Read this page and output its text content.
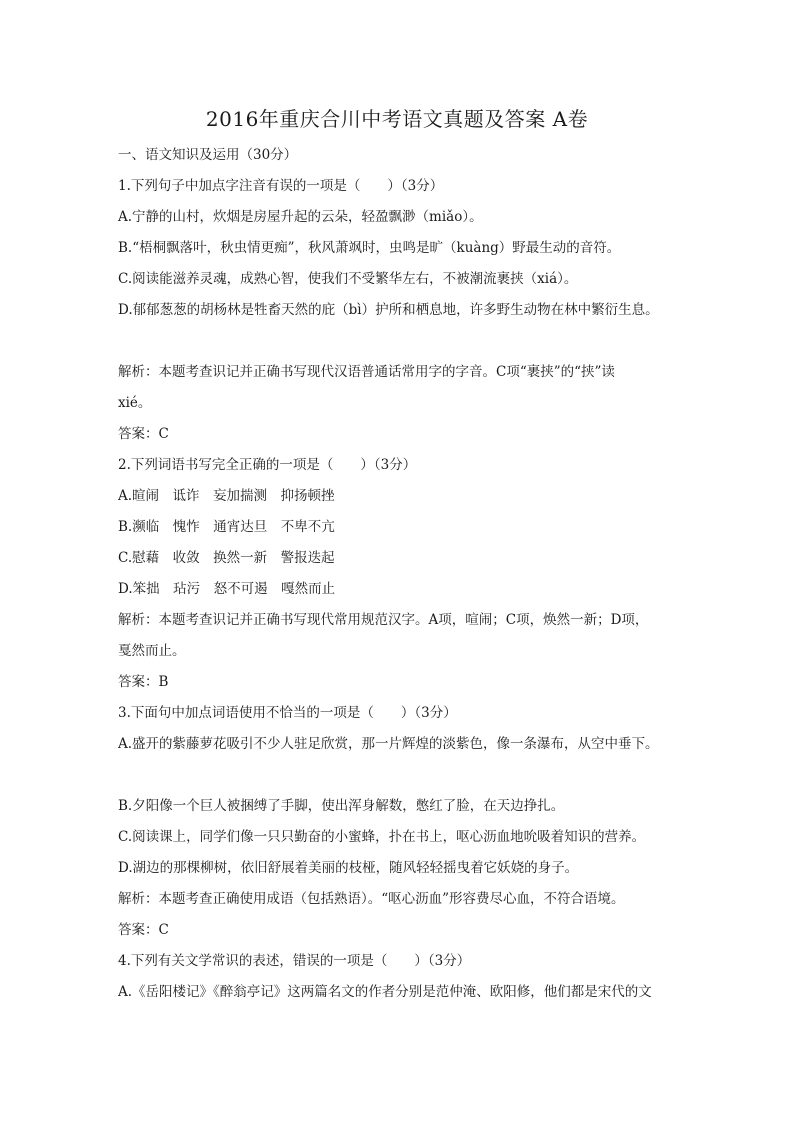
2016年重庆合川中考语文真题及答案 A卷
一、语文知识及运用（30分）
1.下列句子中加点字注音有误的一项是（　　）（3分）
A.宁静的山村，炊烟是房屋升起的云朵，轻盈飘渺（miǎo）。
B.“梧桐飘落叶，秋虫情更痴”，秋风萧飒时，虫鸣是旷（kuàng）野最生动的音符。
C.阅读能滋养灵魂，成熟心智，使我们不受繁华左右，不被潮流裹挟（xiá）。
D.郁郁葱葱的胡杨林是牲畜天然的庇（bì）护所和栖息地，许多野生动物在林中繁衍生息。
解析：本题考查识记并正确书写现代汉语普通话常用字的字音。C项“裹挟”的“挟”读
xié。
答案：C
2.下列词语书写完全正确的一项是（　　）（3分）
A.暄闹　诋诈　妄加揣测　抑扬顿挫
B.濒临　愧怍　通宵达旦　不卑不亢
C.慰藉　收敛　换然一新　警报迭起
D.笨拙　玷污　怒不可遏　嘎然而止
解析：本题考查识记并正确书写现代常用规范汉字。A项，喧闹；C项，焕然一新；D项，
戛然而止。
答案：B
3.下面句中加点词语使用不恰当的一项是（　　）（3分）
A.盛开的紫藤萝花吸引不少人驻足欣赏，那一片辉煌的淡紫色，像一条瀑布，从空中垂下。
B.夕阳像一个巨人被捆缚了手脚，使出浑身解数，憋红了脸，在天边挣扎。
C.阅读课上，同学们像一只只勤奋的小蜜蜂，扑在书上，呕心沥血地吮吸着知识的营养。
D.湖边的那棵柳树，依旧舒展着美丽的枝桠，随风轻轻摇曳着它妖娆的身子。
解析：本题考查正确使用成语（包括熟语）。“呕心沥血”形容费尽心血，不符合语境。
答案：C
4.下列有关文学常识的表述，错误的一项是（　　）（3分）
A.《岳阳楼记》《醉翁亭记》这两篇名文的作者分别是范仲淹、欧阳修，他们都是宋代的文
